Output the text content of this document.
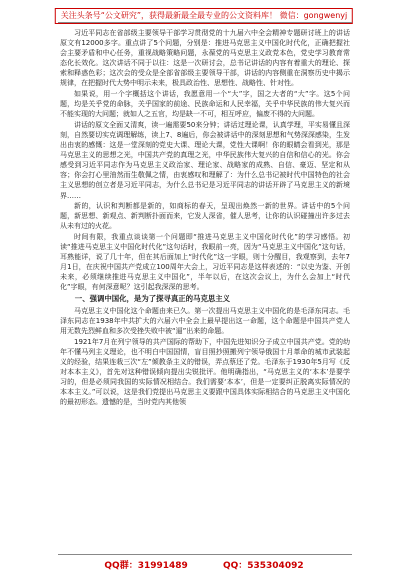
关注头条号“公文研究”，获得最新最全最专业的公文资料库！ 微信：gongwenyj

习近平同志在省部级主要领导干部学习贯彻党的十九届六中全会精神专题研讨班上的讲话原文有12000多字。重点讲了5个问题，分别是：推进马克思主义中国化时代化，正确把握社会主要矛盾和中心任务，重视战略策略问题，永葆党的马克思主义政党本色，党史学习教育常态化长效化。这次讲话不同于以往：这是一次研讨会，总书记讲话的内容有着重大的理论、探索和释惑色彩；这次会的受众是全部省部级主要领导干部，讲话的内容侧重在洞察历史中揭示规律，在把握时代大势中明示未来，极具政治性、思想性、战略性、针对性。

如果说，用一个字概括这个讲话，我愿意用一个“大”字，国之大者的“大”字。这5个问题，均是关乎党的命脉，关乎国家的前途、民族命运和人民幸福，关乎中华民族的伟大复兴而不能实现的大问题；就如人之五官，均是缺一不可，相互呼应，偏废不得的大问题。

讲话的原文全面又清爽，读一遍需要50来分钟；讲话过理论课，认真学理，平实易懂且深刻，自然要切实克调理解练，读上7、8遍后，你会被讲话中的深刻思想和气势深深感染，生发出由衷的感慨：这是一堂深刻的党史大课、理论大课，党性大课啊！你的眼睛会看到光，那是马克思主义的思想之光，中国共产党的真理之光，中华民族伟大复兴的自信和信心的光。你会感受到习近平同志作为马克思主义政治家、理论家、战略家的成熟、自信、豪迈、坚定和从容；你会打心里油然而生敬佩之情，由衷感叹和理解了：为什么总书记被时代中国特色的社会主义思想的创立者是习近平同志，为什么总书记是习近平同志的讲话开辟了马克思主义的新境界……

新的，认识和判断都是新的，如商标的春天，呈现出焕然一新的世界。讲话中的5个问题，新思想、新观点、新判断扑面而来，它发人深省，催人思考，让你的认识碰撞出许多过去从未有过的火花。

时间有限，我重点谈谈第一个问题即“推进马克思主义中国化时代化”的学习感悟。初读“推进马克思主义中国化时代化”这句话时，我眼前一亮，因为“马克思主义中国化”这句话，耳熟能详，说了几十年，但在其后面加上“时代化”这一字眼，则十分醒目，我观察到，去年7月1日，在庆祝中国共产党成立100周年大会上，习近平同志是这样表述的：“以史为鉴、开创未来，必须继续推进马克思主义中国化”，半年以后，在这次会议上，为什么会加上“时代化”字眼，有何深意呢？这引起我深深的思考。

一、强调中国化，是为了探寻真正的马克思主义

马克思主义中国化这个命题由来已久。第一次提出马克思主义中国化的是毛泽东同志。毛泽东同志在1938年中共扩大的六届六中全会上最早提出这一命题，这个命题是中国共产党人用无数先烈鲜血和多次受挫失败中被“逼”出来的命题。

1921年7月在列宁领导的共产国际的帮助下，中国先进知识分子成立中国共产党。党的幼年不懂马列主义理论，也不明白中国国情，盲目照抄照搬列宁领导俄国十月革命的城市武装起义的经验，结果连栽三次“左”倾教条主义的错误，弄点蔡还了党。毛泽东于1930年5月写《反对本本主义》，首先对这种错误倾向提出尖锐批评。他明确指出，“马克思主义的‘本本’是要学习的，但是必须同我国的实际情况相结合。我们需要‘本本’，但是一定要纠正脱离实际情况的本本主义。”可以说，这是我们党提出马克思主义要跟中国具体实际相结合的马克思主义中国化的最初形态。遗憾的是，当时党内其他领

QQ群：31991489	QQ：535304092
